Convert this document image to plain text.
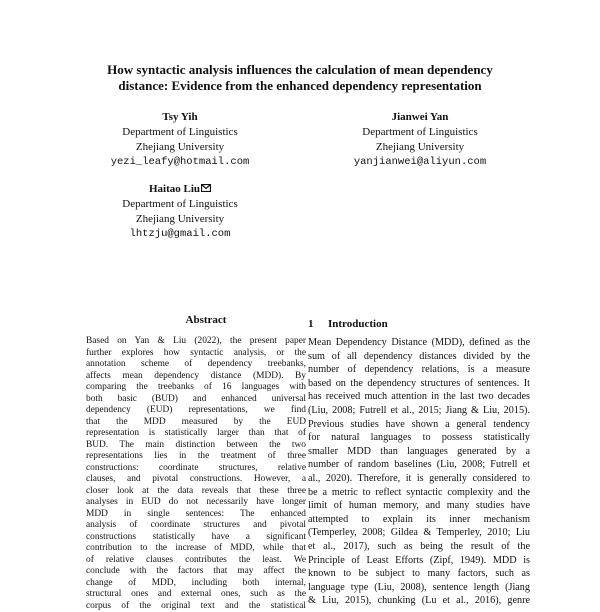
How syntactic analysis influences the calculation of mean dependency
distance: Evidence from the enhanced dependency representation
Tsy Yih
Department of Linguistics
Zhejiang University
yezi_leafy@hotmail.com
Jianwei Yan
Department of Linguistics
Zhejiang University
yanjianwei@aliyun.com
Haitao Liu
Department of Linguistics
Zhejiang University
lhtzju@gmail.com
Abstract
Based on Yan & Liu (2022), the present paper
further explores how syntactic analysis, or the
annotation scheme of dependency treebanks,
affects mean dependency distance (MDD). By
comparing the treebanks of 16 languages with
both basic (BUD) and enhanced universal
dependency (EUD) representations, we find
that the MDD measured by the EUD
representation is statistically larger than that of
BUD. The main distinction between the two
representations lies in the treatment of three
constructions: coordinate structures, relative
clauses, and pivotal constructions. However, a
closer look at the data reveals that these three
analyses in EUD do not necessarily have longer
MDD in single sentences: The enhanced
analysis of coordinate structures and pivotal
constructions statistically have a significant
contribution to the increase of MDD, while that
of relative clauses contributes the least. We
conclude with the factors that may affect the
change of MDD, including both internal,
structural ones and external ones, such as the
corpus of the original text and the statistical
1 Introduction
Mean Dependency Distance (MDD), defined as the
sum of all dependency distances divided by the
number of dependency relations, is a measure
based on the dependency structures of sentences. It
has received much attention in the last two decades
(Liu, 2008; Futrell et al., 2015; Jiang & Liu, 2015).
Previous studies have shown a general tendency
for natural languages to possess statistically
smaller MDD than languages generated by a
number of random baselines (Liu, 2008; Futrell et
al., 2020). Therefore, it is generally considered to
be a metric to reflect syntactic complexity and the
limit of human memory, and many studies have
attempted to explain its inner mechanism
(Temperley, 2008; Gildea & Temperley, 2010; Liu
et al., 2017), such as being the result of the
Principle of Least Efforts (Zipf, 1949). MDD is
known to be subject to many factors, such as
language type (Liu, 2008), sentence length (Jiang
& Liu, 2015), chunking (Lu et al., 2016), genre
